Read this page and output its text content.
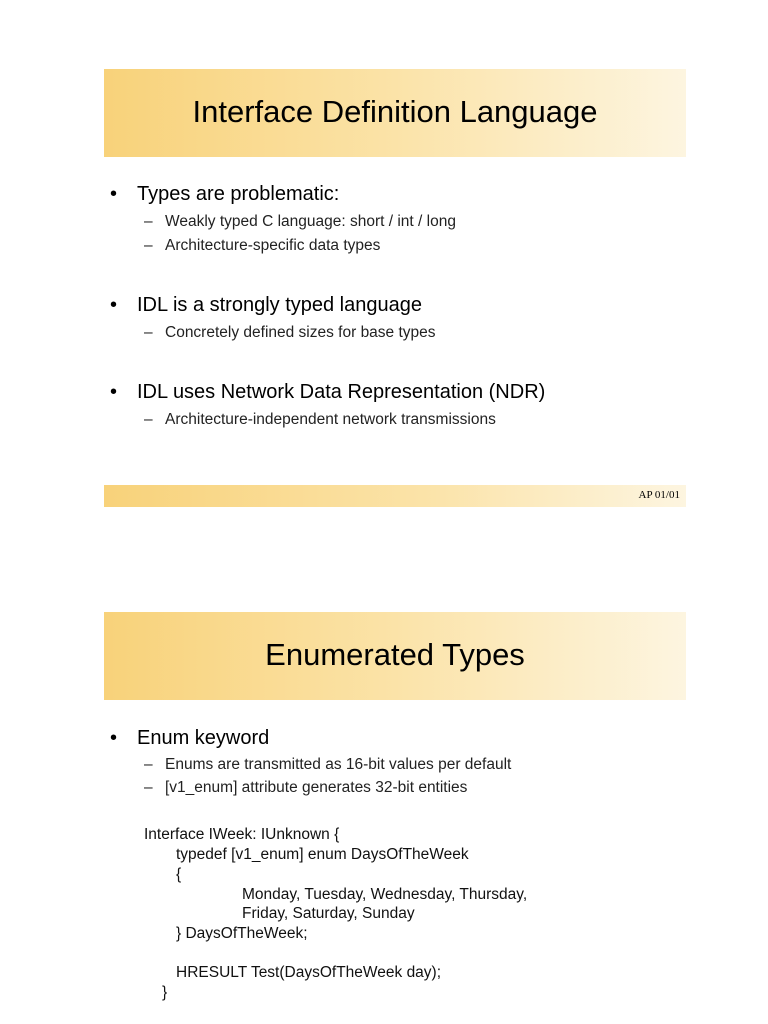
Interface Definition Language
• Types are problematic:
– Weakly typed C language: short / int / long
– Architecture-specific data types
• IDL is a strongly typed language
– Concretely defined sizes for base types
• IDL uses Network Data Representation (NDR)
– Architecture-independent network transmissions
AP 01/01
Enumerated Types
• Enum keyword
– Enums are transmitted as 16-bit values per default
– [v1_enum] attribute generates 32-bit entities
Interface IWeek: IUnknown {
typedef [v1_enum] enum DaysOfTheWeek
{
Monday, Tuesday, Wednesday, Thursday,
Friday, Saturday, Sunday
} DaysOfTheWeek;
HRESULT Test(DaysOfTheWeek day);
}
